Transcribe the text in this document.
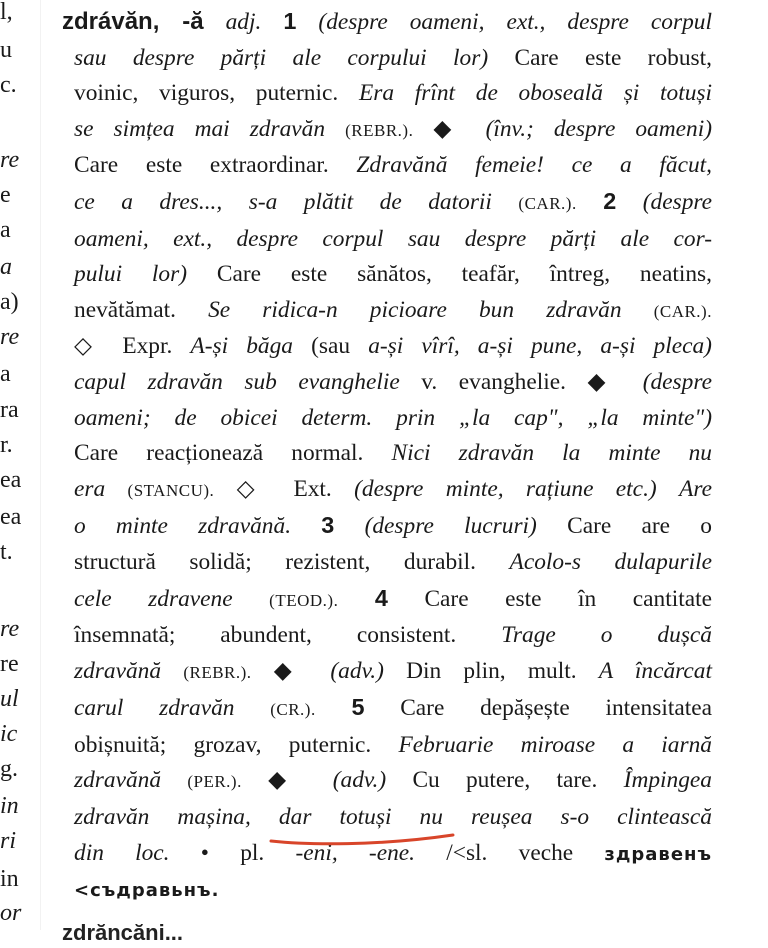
l,
u
c.
re
e
a
a
a)
re
a
ra
r.
ea
ea
t.
re
re
ul
ic
g.
in
ri
in
or
zdrávăn, -ă adj. 1 (despre oameni, ext., despre corpul
sau despre părți ale corpului lor) Care este robust,
voinic, viguros, puternic. Era frînt de oboseală și totuși
se simțea mai zdravăn (REBR.). ◆ (înv.; despre oameni)
Care este extraordinar. Zdravănă femeie! ce a făcut,
ce a dres..., s-a plătit de datorii (CAR.). 2 (despre
oameni, ext., despre corpul sau despre părți ale cor-
pului lor) Care este sănătos, teafăr, întreg, neatins,
nevătămat. Se ridica-n picioare bun zdravăn (CAR.).
◇ Expr. A-și băga (sau a-și vîrî, a-și pune, a-și pleca)
capul zdravăn sub evanghelie v. evanghelie. ◆ (despre
oameni; de obicei determ. prin „la cap", „la minte")
Care reacționează normal. Nici zdravăn la minte nu
era (STANCU). ◇ Ext. (despre minte, rațiune etc.) Are
o minte zdravănă. 3 (despre lucruri) Care are o
structură solidă; rezistent, durabil. Acolo-s dulapurile
cele zdravene (TEOD.). 4 Care este în cantitate
însemnată; abundent, consistent. Trage o dușcă
zdravănă (REBR.). ◆ (adv.) Din plin, mult. A încărcat
carul zdravăn (CR.). 5 Care depășește intensitatea
obișnuită; grozav, puternic. Februarie miroase a iarnă
zdravănă (PER.). ◆ (adv.) Cu putere, tare. Împingea
zdravăn mașina, dar totuși nu reușea s-o clintească
din loc. • pl. -eni, -ene. /<sl. veche здравенъ
<съдравьнъ.
zdrăncăni...
